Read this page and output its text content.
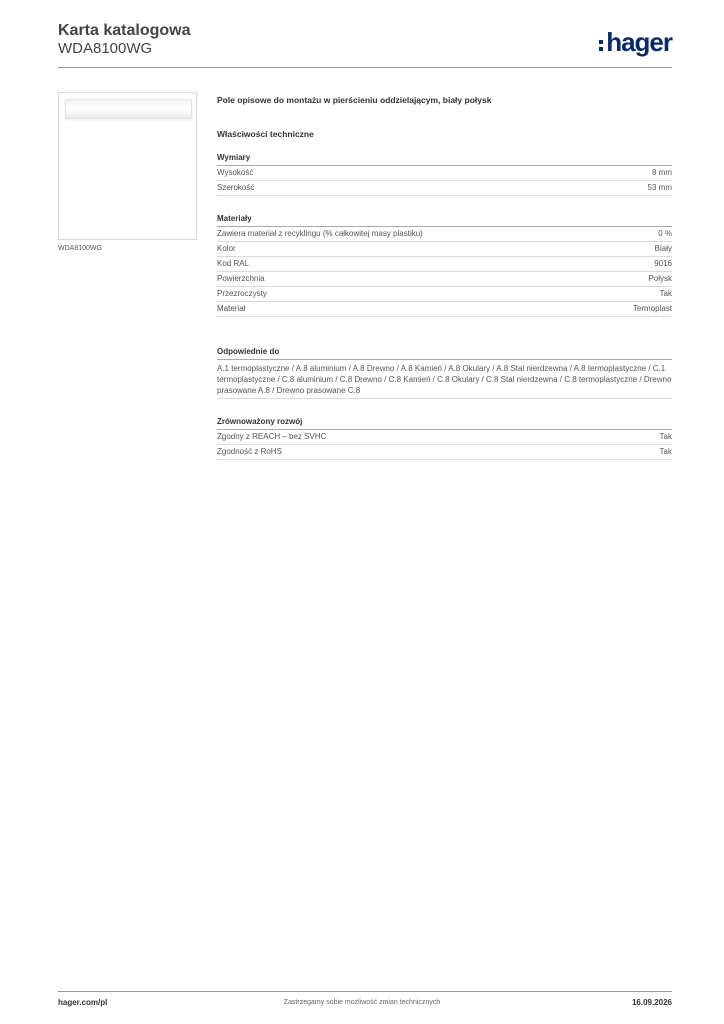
Karta katalogowa
WDA8100WG	hager
WDA8100WG
Pole opisowe do montażu w pierścieniu oddzielającym, biały połysk
Właściwości techniczne
Wymiary
Wysokość	8 mm
Szerokość	53 mm
Materiały
Zawiera materiał z recyklingu (% całkowitej masy plastiku)	0 %
Kolor	Biały
Kod RAL	9016
Powierzchnia	Połysk
Przezroczysty	Tak
Materiał	Termoplast
Odpowiednie do
A.1 termoplastyczne / A.8 aluminium / A.8 Drewno / A.8 Kamień / A.8 Okulary / A.8 Stal nierdzewna / A.8 termoplastyczne / C.1 termoplastyczne / C.8 aluminium / C.8 Drewno / C.8 Kamień / C.8 Okulary / C.8 Stal nierdzewna / C.8 termoplastyczne / Drewno prasowane A.8 / Drewno prasowane C.8
Zrównoważony rozwój
Zgodny z REACH – bez SVHC	Tak
Zgodność z RoHS	Tak
hager.com/pl	Zastrzegamy sobie możliwość zmian technicznych	16.09.2026
